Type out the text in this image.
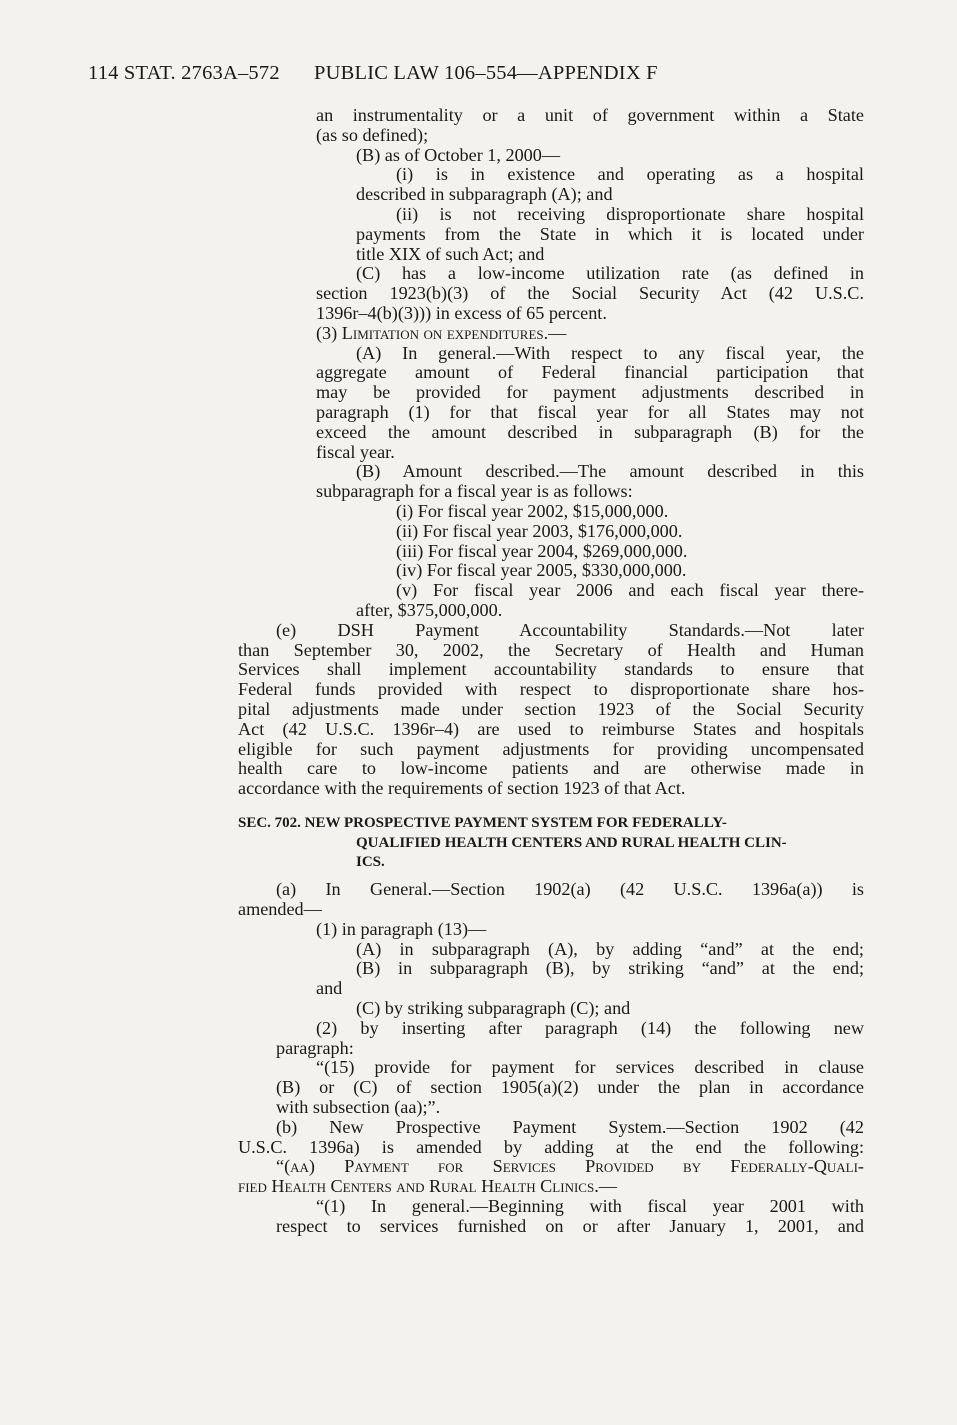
114 STAT. 2763A–572 PUBLIC LAW 106–554—APPENDIX F
an instrumentality or a unit of government within a State
(as so defined);
(B) as of October 1, 2000—
(i) is in existence and operating as a hospital
described in subparagraph (A); and
(ii) is not receiving disproportionate share hospital
payments from the State in which it is located under
title XIX of such Act; and
(C) has a low-income utilization rate (as defined in
section 1923(b)(3) of the Social Security Act (42 U.S.C.
1396r–4(b)(3))) in excess of 65 percent.
(3) Limitation on expenditures.—
(A) In general.—With respect to any fiscal year, the
aggregate amount of Federal financial participation that
may be provided for payment adjustments described in
paragraph (1) for that fiscal year for all States may not
exceed the amount described in subparagraph (B) for the
fiscal year.
(B) Amount described.—The amount described in this
subparagraph for a fiscal year is as follows:
(i) For fiscal year 2002, $15,000,000.
(ii) For fiscal year 2003, $176,000,000.
(iii) For fiscal year 2004, $269,000,000.
(iv) For fiscal year 2005, $330,000,000.
(v) For fiscal year 2006 and each fiscal year there-
after, $375,000,000.
(e) DSH Payment Accountability Standards.—Not later
than September 30, 2002, the Secretary of Health and Human
Services shall implement accountability standards to ensure that
Federal funds provided with respect to disproportionate share hos-
pital adjustments made under section 1923 of the Social Security
Act (42 U.S.C. 1396r–4) are used to reimburse States and hospitals
eligible for such payment adjustments for providing uncompensated
health care to low-income patients and are otherwise made in
accordance with the requirements of section 1923 of that Act.
SEC. 702. NEW PROSPECTIVE PAYMENT SYSTEM FOR FEDERALLY-
QUALIFIED HEALTH CENTERS AND RURAL HEALTH CLIN-
ICS.
(a) In General.—Section 1902(a) (42 U.S.C. 1396a(a)) is
amended—
(1) in paragraph (13)—
(A) in subparagraph (A), by adding “and” at the end;
(B) in subparagraph (B), by striking “and” at the end;
and
(C) by striking subparagraph (C); and
(2) by inserting after paragraph (14) the following new
paragraph:
“(15) provide for payment for services described in clause
(B) or (C) of section 1905(a)(2) under the plan in accordance
with subsection (aa);”.
(b) New Prospective Payment System.—Section 1902 (42
U.S.C. 1396a) is amended by adding at the end the following:
“(aa) Payment for Services Provided by Federally-Quali-
fied Health Centers and Rural Health Clinics.—
“(1) In general.—Beginning with fiscal year 2001 with
respect to services furnished on or after January 1, 2001, and
